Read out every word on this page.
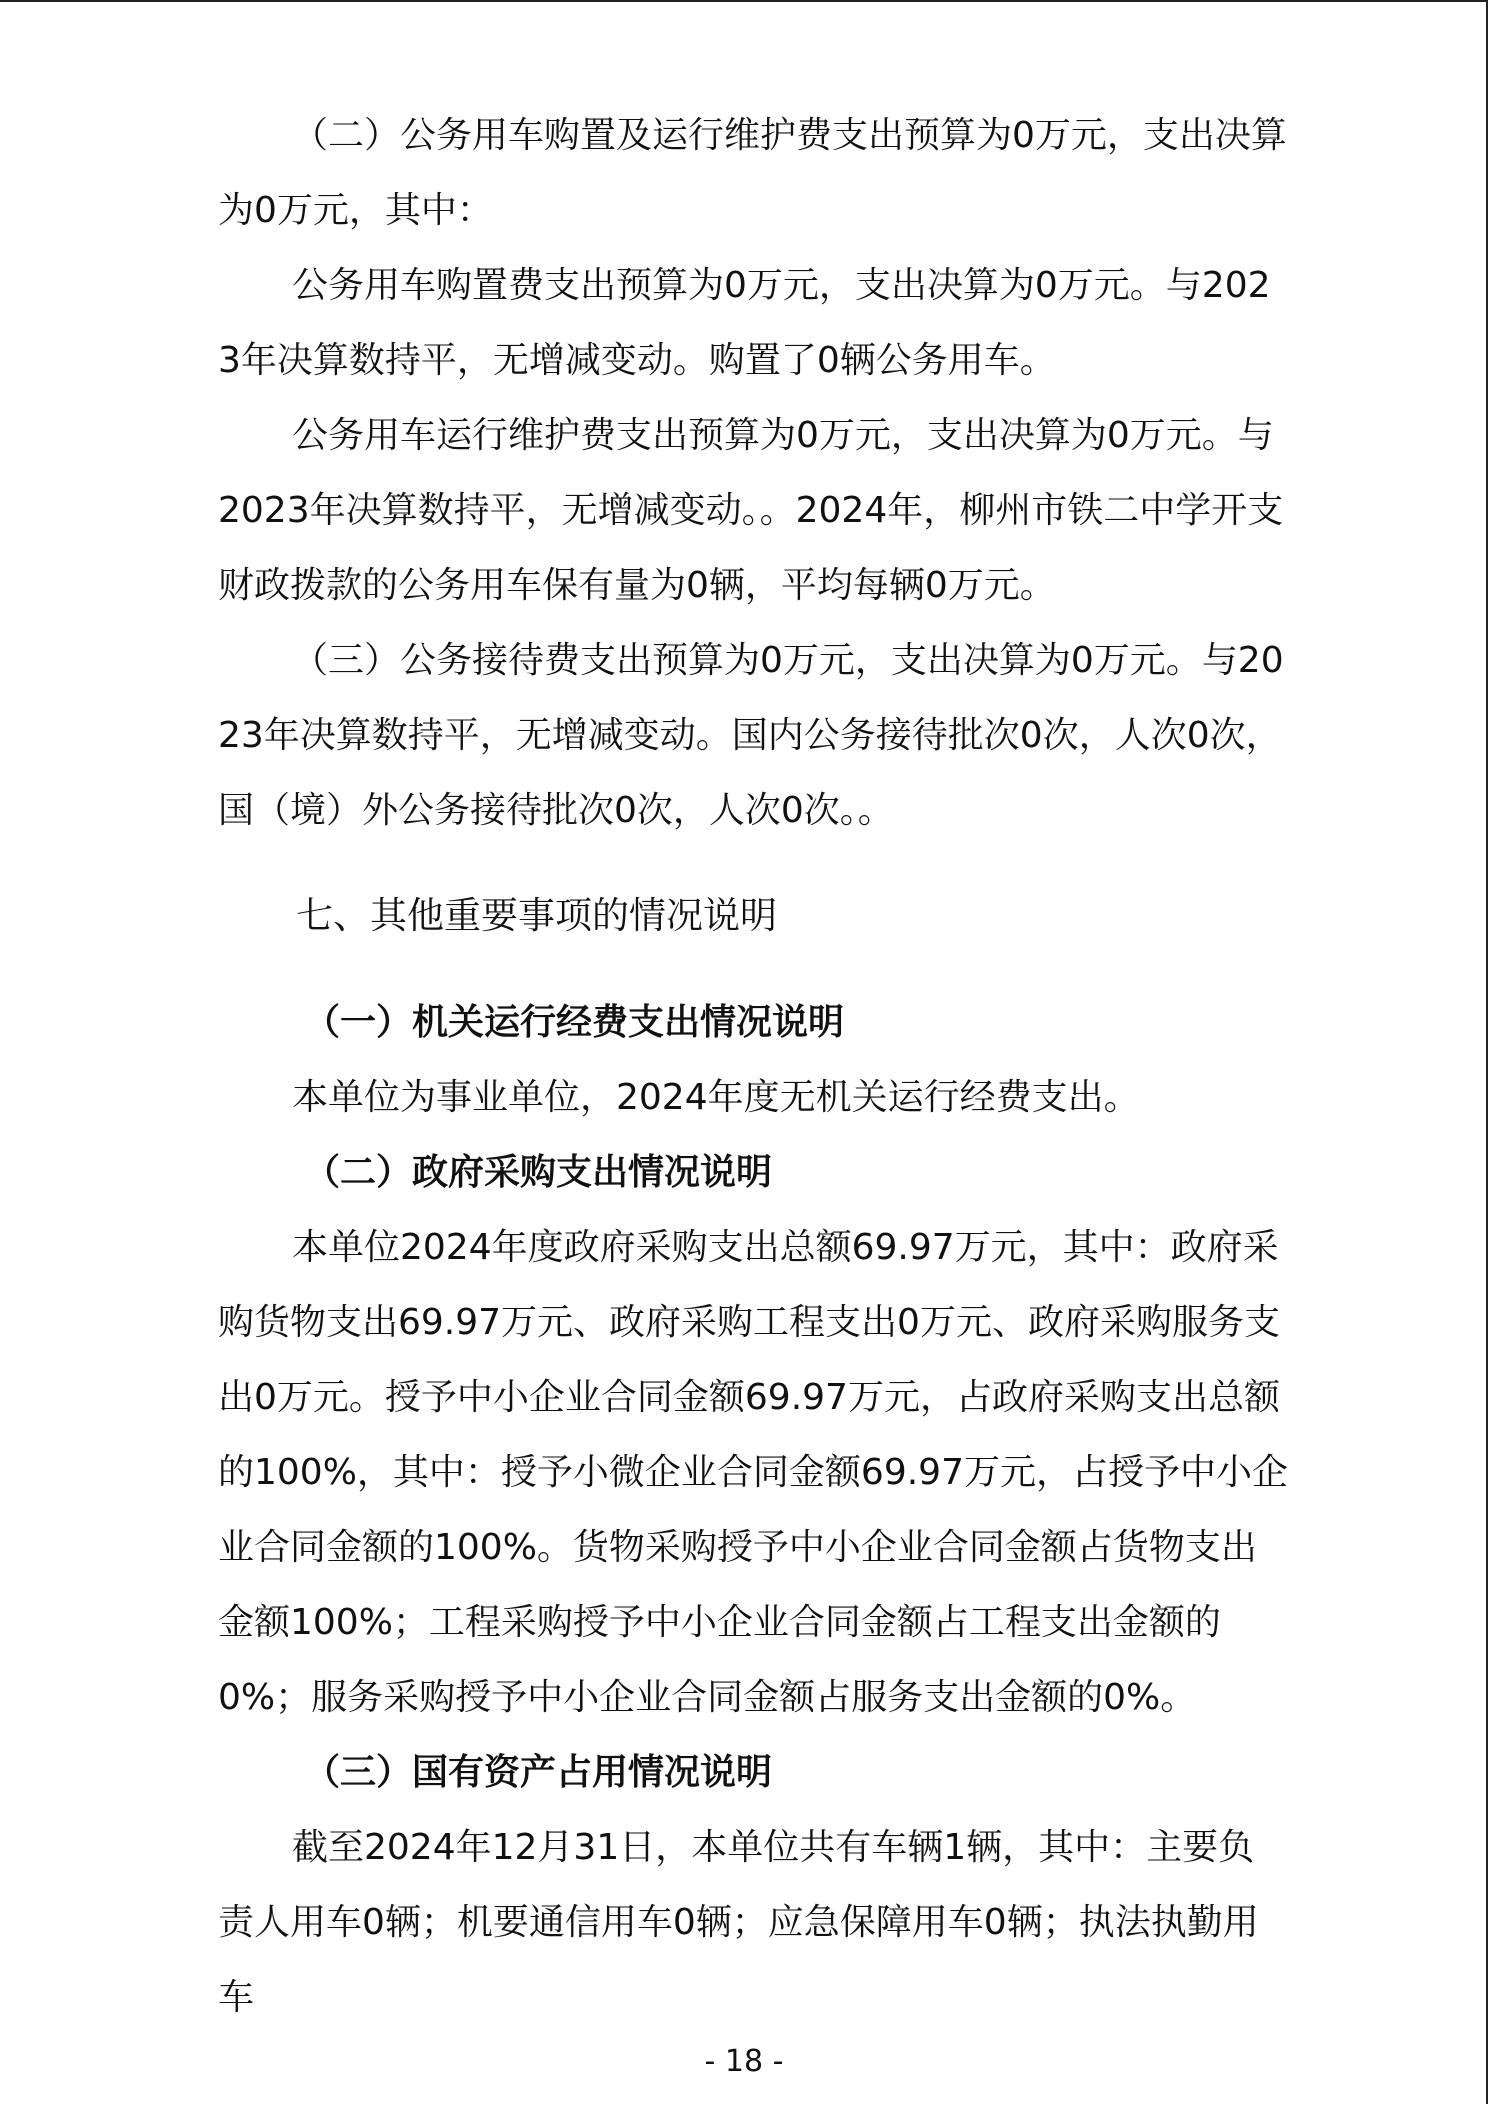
（二）公务用车购置及运行维护费支出预算为0万元，支出决算为0万元，其中：

公务用车购置费支出预算为0万元，支出决算为0万元。与2023年决算数持平，无增减变动。购置了0辆公务用车。

公务用车运行维护费支出预算为0万元，支出决算为0万元。与2023年决算数持平，无增减变动。。2024年，柳州市铁二中学开支财政拨款的公务用车保有量为0辆，平均每辆0万元。

（三）公务接待费支出预算为0万元，支出决算为0万元。与2023年决算数持平，无增减变动。国内公务接待批次0次，人次0次，国（境）外公务接待批次0次，人次0次。。

七、其他重要事项的情况说明

（一）机关运行经费支出情况说明

本单位为事业单位，2024年度无机关运行经费支出。

（二）政府采购支出情况说明

本单位2024年度政府采购支出总额69.97万元，其中：政府采购货物支出69.97万元、政府采购工程支出0万元、政府采购服务支出0万元。授予中小企业合同金额69.97万元，占政府采购支出总额的100%，其中：授予小微企业合同金额69.97万元，占授予中小企业合同金额的100%。货物采购授予中小企业合同金额占货物支出金额100%；工程采购授予中小企业合同金额占工程支出金额的0%；服务采购授予中小企业合同金额占服务支出金额的0%。

（三）国有资产占用情况说明

截至2024年12月31日，本单位共有车辆1辆，其中：主要负责人用车0辆；机要通信用车0辆；应急保障用车0辆；执法执勤用车

- 18 -
